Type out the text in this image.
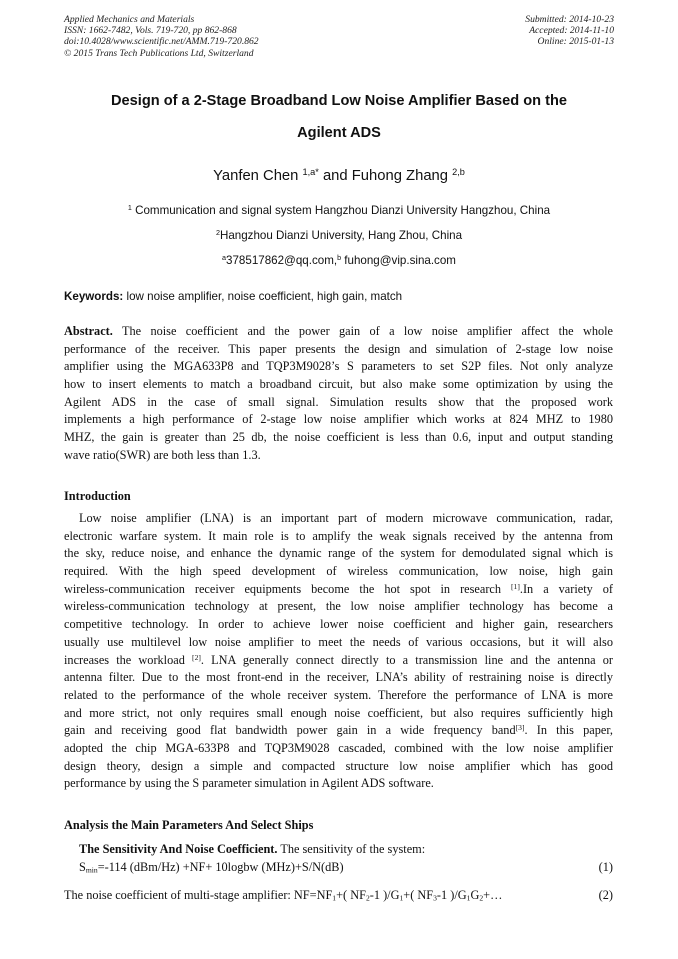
Applied Mechanics and Materials
ISSN: 1662-7482, Vols. 719-720, pp 862-868
doi:10.4028/www.scientific.net/AMM.719-720.862
© 2015 Trans Tech Publications Ltd, Switzerland
Submitted: 2014-10-23
Accepted: 2014-11-10
Online: 2015-01-13
Design of a 2-Stage Broadband Low Noise Amplifier Based on the
Agilent ADS
Yanfen Chen $^{1,a*}$ and Fuhong Zhang $^{2,b}$
$^1$ Communication and signal system Hangzhou Dianzi University Hangzhou, China
$^2$Hangzhou Dianzi University, Hang Zhou, China
$^a$378517862@qq.com,$^b$ fuhong@vip.sina.com
Keywords: low noise amplifier, noise coefficient, high gain, match
Abstract. The noise coefficient and the power gain of a low noise amplifier affect the whole
performance of the receiver. This paper presents the design and simulation of 2-stage low noise
amplifier using the MGA633P8 and TQP3M9028’s S parameters to set S2P files. Not only analyze
how to insert elements to match a broadband circuit, but also make some optimization by using the
Agilent ADS in the case of small signal. Simulation results show that the proposed work
implements a high performance of 2-stage low noise amplifier which works at 824 MHZ to 1980
MHZ, the gain is greater than 25 db, the noise coefficient is less than 0.6, input and output standing
wave ratio(SWR) are both less than 1.3.
Introduction
Low noise amplifier (LNA) is an important part of modern microwave communication, radar,
electronic warfare system. It main role is to amplify the weak signals received by the antenna from
the sky, reduce noise, and enhance the dynamic range of the system for demodulated signal which is
required. With the high speed development of wireless communication, low noise, high gain
wireless-communication receiver equipments become the hot spot in research [1].In a variety of
wireless-communication technology at present, the low noise amplifier technology has become a
competitive technology. In order to achieve lower noise coefficient and higher gain, researchers
usually use multilevel low noise amplifier to meet the needs of various occasions, but it will also
increases the workload [2]. LNA generally connect directly to a transmission line and the antenna or
antenna filter. Due to the most front-end in the receiver, LNA’s ability of restraining noise is directly
related to the performance of the whole receiver system. Therefore the performance of LNA is more
and more strict, not only requires small enough noise coefficient, but also requires sufficiently high
gain and receiving good flat bandwidth power gain in a wide frequency band[3]. In this paper,
adopted the chip MGA-633P8 and TQP3M9028 cascaded, combined with the low noise amplifier
design theory, design a simple and compacted structure low noise amplifier which has good
performance by using the S parameter simulation in Agilent ADS software.
Analysis the Main Parameters And Select Ships
The Sensitivity And Noise Coefficient. The sensitivity of the system:
$S_{min}=-114$ (dBm/Hz) +NF+ 10logbw (MHz)+S/N(dB)	(1)
The noise coefficient of multi-stage amplifier: $NF=NF_1+$( $NF_2-1$ )$/G_1+$( $NF_3-1$ )$/G_1G_2+\dots$	(2)
